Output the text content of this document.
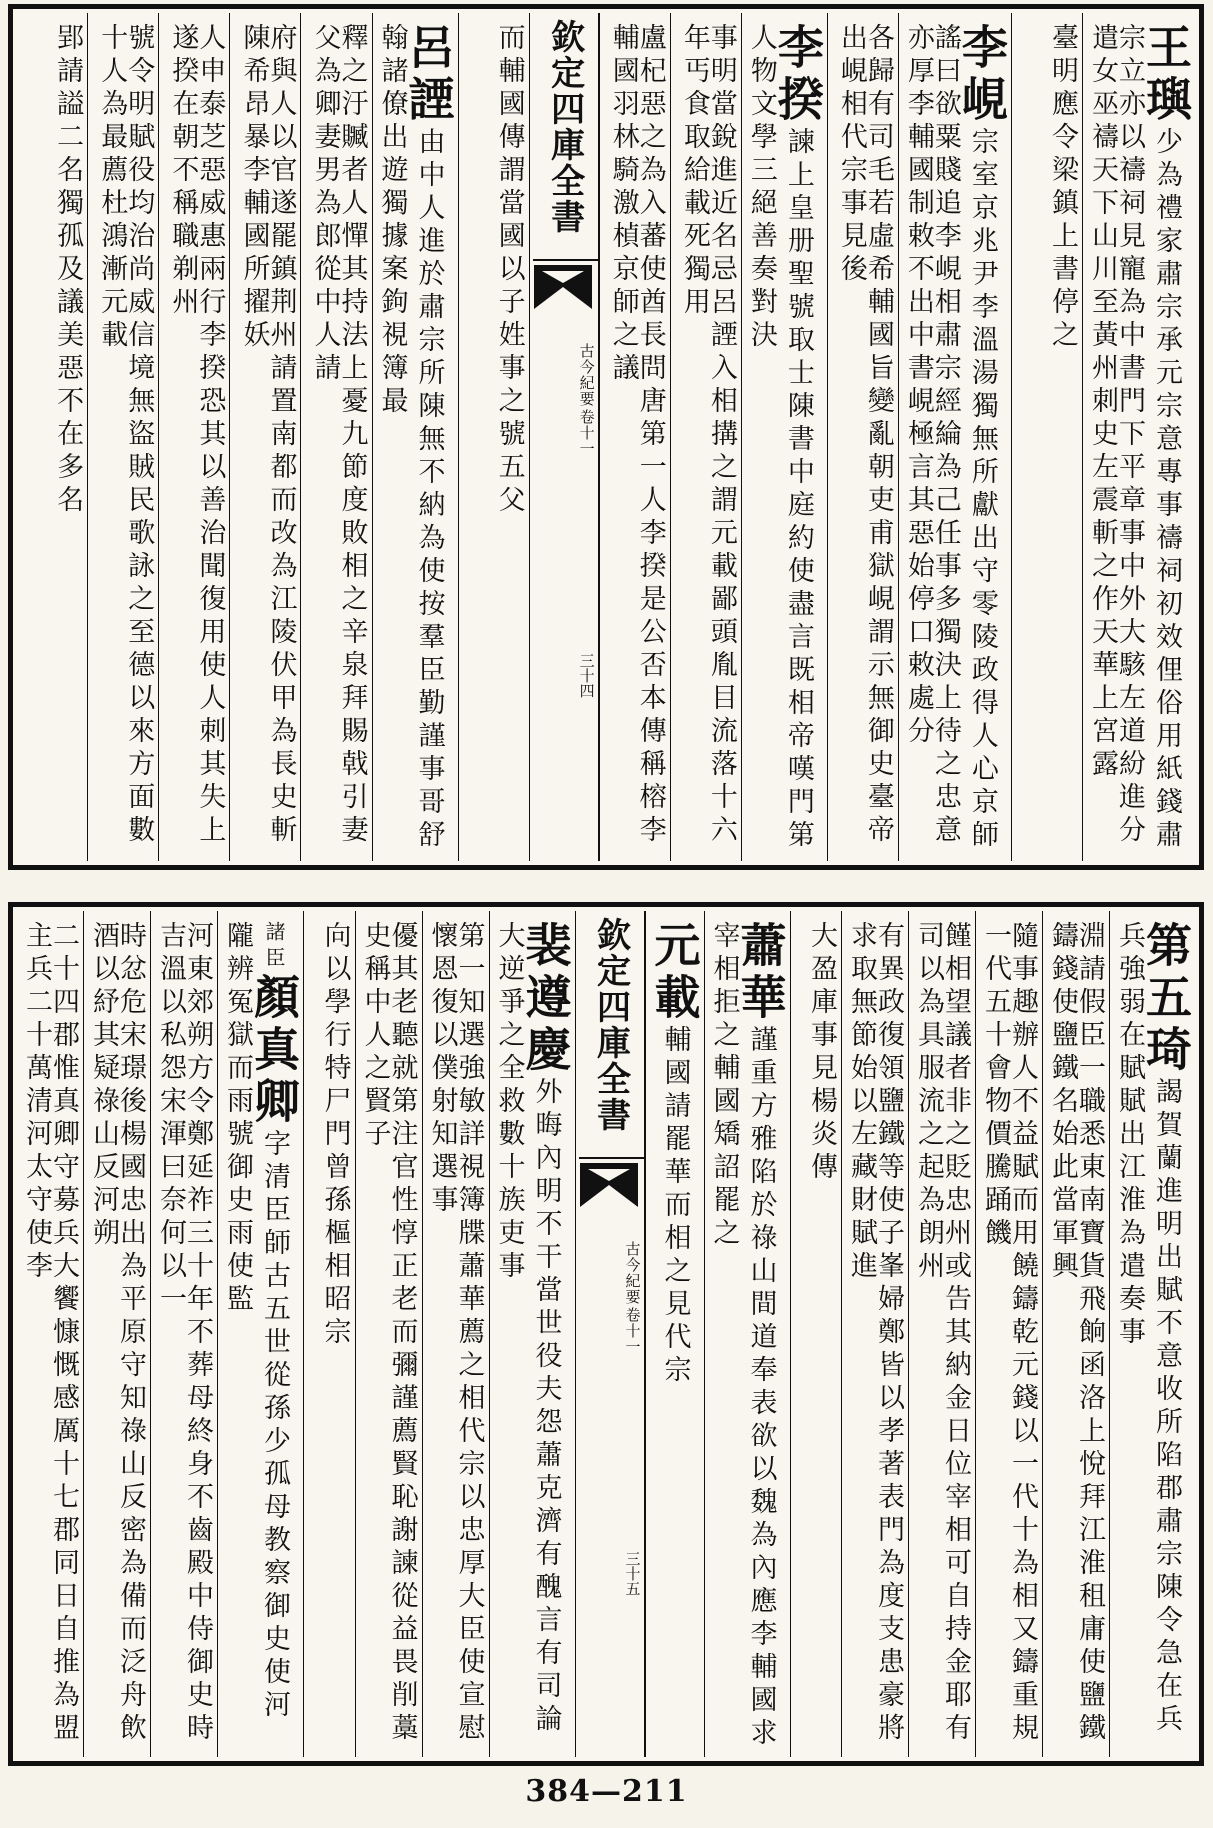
王璵少為禮家肅宗承元宗意專事禱祠初效俚俗用紙錢肅宗立亦以禱祠見寵為中書門下平章事中外大駭左道紛進分遣女巫禱天下山川至黃州刺史左震斬之作天華上宮露
臺明應令梁鎮上書停之
李峴宗室京兆尹李溫湯獨無所獻出守零陵政得人心京師謠曰欲粟賤追李峴相肅宗經綸為己任事多獨決上待之忠意亦厚李輔國制敕不出中書峴極言其惡始停口敕處分
各歸有司毛若虛希輔國旨變亂朝吏甫獄峴謂示無御史臺帝出峴相代宗事見後
李揆諫上皇册聖號取士陳書中庭約使盡言既相帝嘆門第人物文學三絕善奏對決
事明當銳進近名忌呂諲入相搆之謂元載鄙頭胤目流落十六年丐食取給載死獨用
盧杞惡之為入蕃使酋長問唐第一人李揆是公否本傳稱榕李輔國羽林騎激楨京師之議
欽定四庫全書
古今紀要
卷十一
三十四
而輔國傳謂當國以子姓事之號五父
呂諲由中人進於肅宗所陳無不納為使按羣臣勤謹事哥舒翰諸僚出遊獨據案鉤視簿最
釋之汙贓者人憚其持法上憂九節度敗相之辛泉拜賜戟引妻父為卿妻男為郎從中人請
府與人以官遂罷鎮荆州請置南都而改為江陵伏甲為長史斬陳希昂暴李輔國所擢妖
人申泰芝惡威惠兩行李揆恐其以善治聞復用使人刺其失上遂揆在朝不稱職剃州
號令明賦役均治尚威信境無盜賊民歌詠之至德以來方面數十人為最薦杜鴻漸元載
郢請謚二名獨孤及議美惡不在多名
第五琦謁賀蘭進明出賦不意收所陷郡肅宗陳令急在兵兵強弱在賦賦出江淮為遣奏事
淵請假臣一職悉東南寶貨飛餉函洛上悅拜江淮租庸使鹽鐵鑄錢使鹽鐵名始此當軍興
隨事趣辦人不益賦而用饒鑄乾元錢以一代十為相又鑄重規一代五十會物價騰踊饑
饉相望議者非之貶忠州或告其納金日位宰相可自持金耶有司以為具服流之起為朗州
有異政復領鹽鐵等使子峯婦鄭皆以孝著表門為度支患豪將求取無節始以左藏財賦進
大盈庫事見楊炎傳
蕭華謹重方雅陷於祿山間道奉表欲以魏為內應李輔國求宰相拒之輔國矯詔罷之
元載輔國請罷華而相之見代宗
欽定四庫全書
古今紀要
卷十一
三十五
裴遵慶外晦內明不干當世役夫怨蕭克濟有醜言有司論大逆爭之全救數十族吏事
第一知選強敏詳視簿牒蕭華薦之相代宗以忠厚大臣使宣慰懷恩復以僕射知選事
優其老聽就第注官性惇正老而彌謹薦賢恥謝諫從益畏削藁史稱中人之賢子
向以學行特尸門曾孫樞相昭宗
諸臣顏真卿字清臣師古五世從孫少孤母教察御史使河隴辨冤獄而雨號御史雨使監
河東郊朔方令鄭延祚三十年不葬母終身不齒殿中侍御史時吉溫以私怨宋渾曰奈何以一
時忿危宋璟後楊國忠出為平原守知祿山反密為備而泛舟飲酒以紓其疑祿山反河朔
二十四郡惟真卿守募兵大饗慷慨感厲十七郡同日自推為盟主兵二十萬清河太守使李
384—211
